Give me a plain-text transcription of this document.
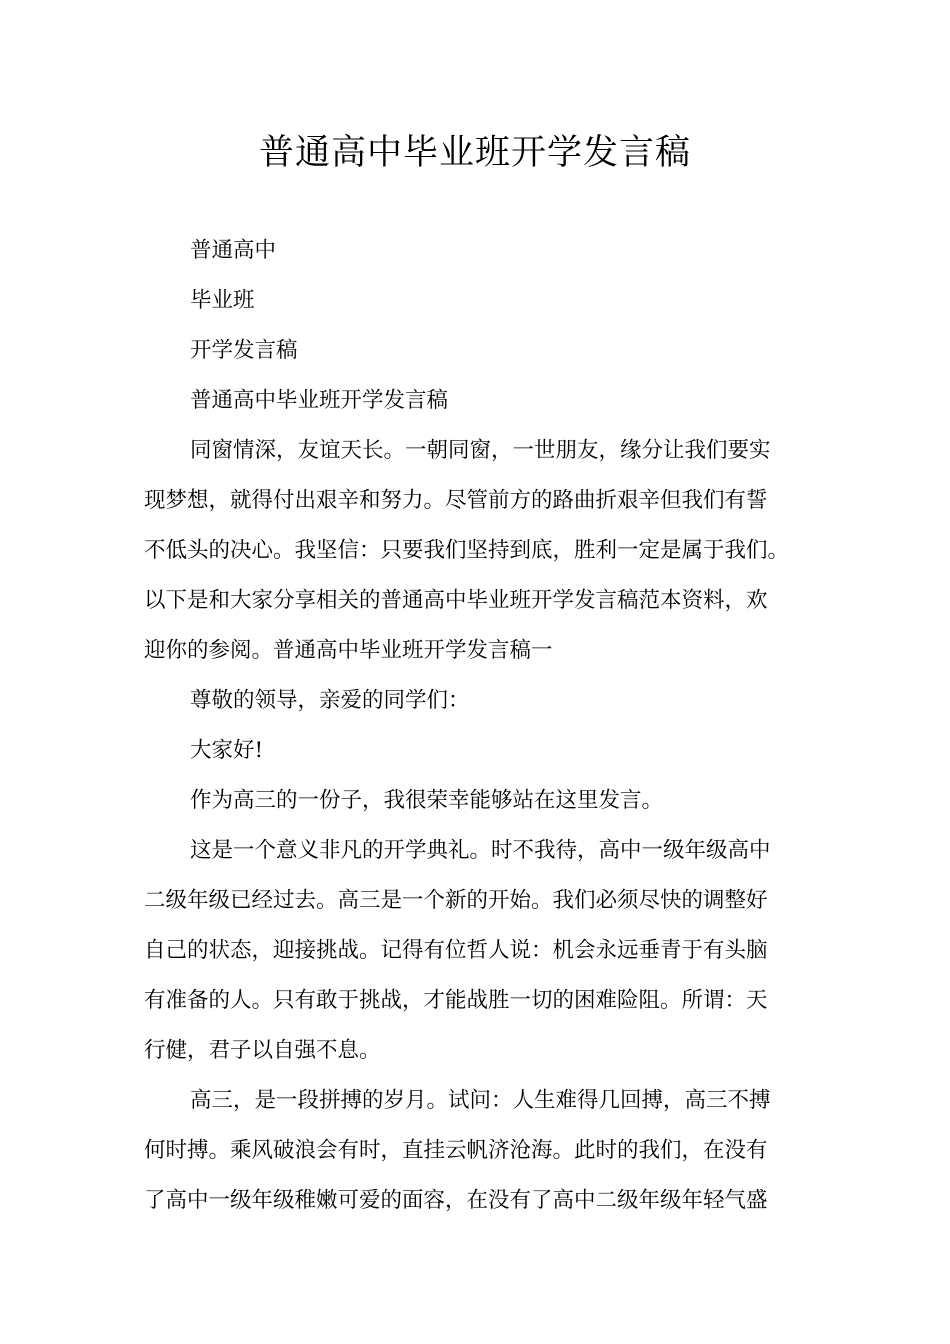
普通高中毕业班开学发言稿

普通高中

毕业班

开学发言稿

普通高中毕业班开学发言稿

同窗情深，友谊天长。一朝同窗，一世朋友，缘分让我们要实
现梦想，就得付出艰辛和努力。尽管前方的路曲折艰辛但我们有誓
不低头的决心。我坚信：只要我们坚持到底，胜利一定是属于我们。
以下是和大家分享相关的普通高中毕业班开学发言稿范本资料，欢
迎你的参阅。普通高中毕业班开学发言稿一

尊敬的领导，亲爱的同学们：

大家好!

作为高三的一份子，我很荣幸能够站在这里发言。

这是一个意义非凡的开学典礼。时不我待，高中一级年级高中
二级年级已经过去。高三是一个新的开始。我们必须尽快的调整好
自己的状态，迎接挑战。记得有位哲人说：机会永远垂青于有头脑
有准备的人。只有敢于挑战，才能战胜一切的困难险阻。所谓：天
行健，君子以自强不息。

高三，是一段拼搏的岁月。试问：人生难得几回搏，高三不搏
何时搏。乘风破浪会有时，直挂云帆济沧海。此时的我们，在没有
了高中一级年级稚嫩可爱的面容，在没有了高中二级年级年轻气盛
